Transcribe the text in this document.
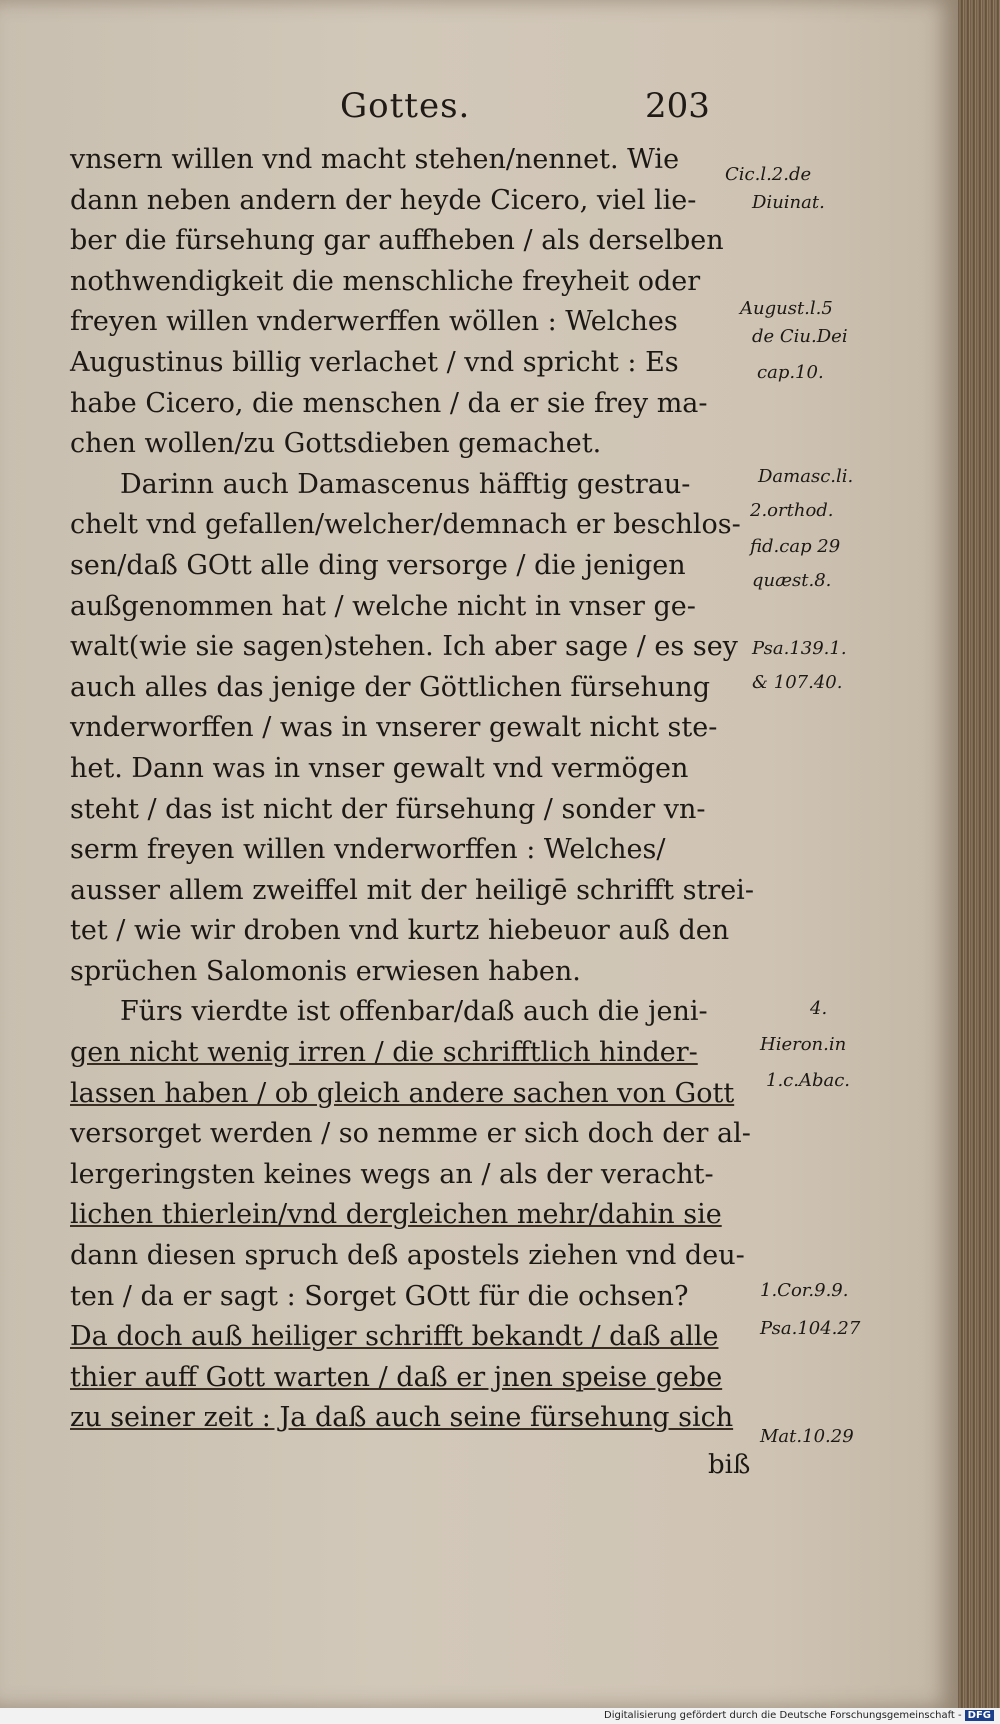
Gottes.	203
vnsern willen vnd macht stehen/nennet. Wie
dann neben andern der heyde Cicero, viel lie-
ber die fürsehung gar auffheben / als derselben
nothwendigkeit die menschliche freyheit oder
freyen willen vnderwerffen wöllen : Welches
Augustinus billig verlachet / vnd spricht : Es
habe Cicero, die menschen / da er sie frey ma-
chen wollen/zu Gottsdieben gemachet.
Darinn auch Damascenus häfftig gestrau-
chelt vnd gefallen/welcher/demnach er beschlos-
sen/daß GOtt alle ding versorge / die jenigen
außgenommen hat / welche nicht in vnser ge-
walt(wie sie sagen)stehen. Ich aber sage / es sey
auch alles das jenige der Göttlichen fürsehung
vnderworffen / was in vnserer gewalt nicht ste-
het. Dann was in vnser gewalt vnd vermögen
steht / das ist nicht der fürsehung / sonder vn-
serm freyen willen vnderworffen : Welches/
ausser allem zweiffel mit der heiligē schrifft strei-
tet / wie wir droben vnd kurtz hiebeuor auß den
sprüchen Salomonis erwiesen haben.
Fürs vierdte ist offenbar/daß auch die jeni-
gen nicht wenig irren / die schrifftlich hinder-
lassen haben / ob gleich andere sachen von Gott
versorget werden / so nemme er sich doch der al-
lergeringsten keines wegs an / als der veracht-
lichen thierlein/vnd dergleichen mehr/dahin sie
dann diesen spruch deß apostels ziehen vnd deu-
ten / da er sagt : Sorget GOtt für die ochsen?
Da doch auß heiliger schrifft bekandt / daß alle
thier auff Gott warten / daß er jnen speise gebe
zu seiner zeit : Ja daß auch seine fürsehung sich
biß
Cic.l.2.de
Diuinat.
August.l.5
de Ciu.Dei
cap.10.
Damasc.li.
2.orthod.
fid.cap 29
quæst.8.
Psa.139.1.
& 107.40.
4.
Hieron.in
1.c.Abac.
1.Cor.9.9.
Psa.104.27
Mat.10.29
Digitalisierung gefördert durch die Deutsche Forschungsgemeinschaft - DFG
